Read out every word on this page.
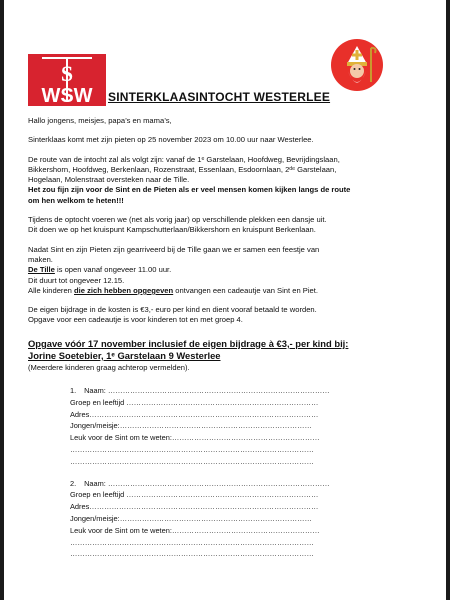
S
WSW SINTERKLAASINTOCHT WESTERLEE

Hallo jongens, meisjes, papa’s en mama’s,

Sinterklaas komt met zijn pieten op 25 november 2023 om 10.00 uur naar Westerlee.

De route van de intocht zal als volgt zijn: vanaf de 1ᵉ Garstelaan, Hoofdweg, Bevrijdingslaan,
Bikkershorn, Hoofdweg, Berkenlaan, Rozenstraat, Essenlaan, Esdoornlaan, 2ᵈᵉ Garstelaan,
Hogelaan, Molenstraat oversteken naar de Tille.
Het zou fijn zijn voor de Sint en de Pieten als er veel mensen komen kijken langs de route
om hen welkom te heten!!!

Tijdens de optocht voeren we (net als vorig jaar) op verschillende plekken een dansje uit.
Dit doen we op het kruispunt Kampschutterlaan/Bikkershorn en kruispunt Berkenlaan.

Nadat Sint en zijn Pieten zijn gearriveerd bij de Tille gaan we er samen een feestje van
maken.
De Tille is open vanaf ongeveer 11.00 uur.
Dit duurt tot ongeveer 12.15.
Alle kinderen die zich hebben opgegeven ontvangen een cadeautje van Sint en Piet.

De eigen bijdrage in de kosten is €3,- euro per kind en dient vooraf betaald te worden.
Opgave voor een cadeautje is voor kinderen tot en met groep 4.

Opgave vóór 17 november inclusief de eigen bijdrage à €3,- per kind bij:
Jorine Soetebier, 1ᵉ Garstelaan 9 Westerlee
(Meerdere kinderen graag achterop vermelden).
1. Naam: ………………………………………………………………………………
Groep en leeftijd ……………………………………………………………………
Adres…………………………………………………………………………………
Jongen/meisje:……………………………………………………………………
Leuk voor de Sint om te weten:……………………………………………………
………………………………………………………………………………………
………………………………………………………………………………………
2. Naam: ………………………………………………………………………………
Groep en leeftijd ……………………………………………………………………
Adres…………………………………………………………………………………
Jongen/meisje:……………………………………………………………………
Leuk voor de Sint om te weten:……………………………………………………
………………………………………………………………………………………
………………………………………………………………………………………
